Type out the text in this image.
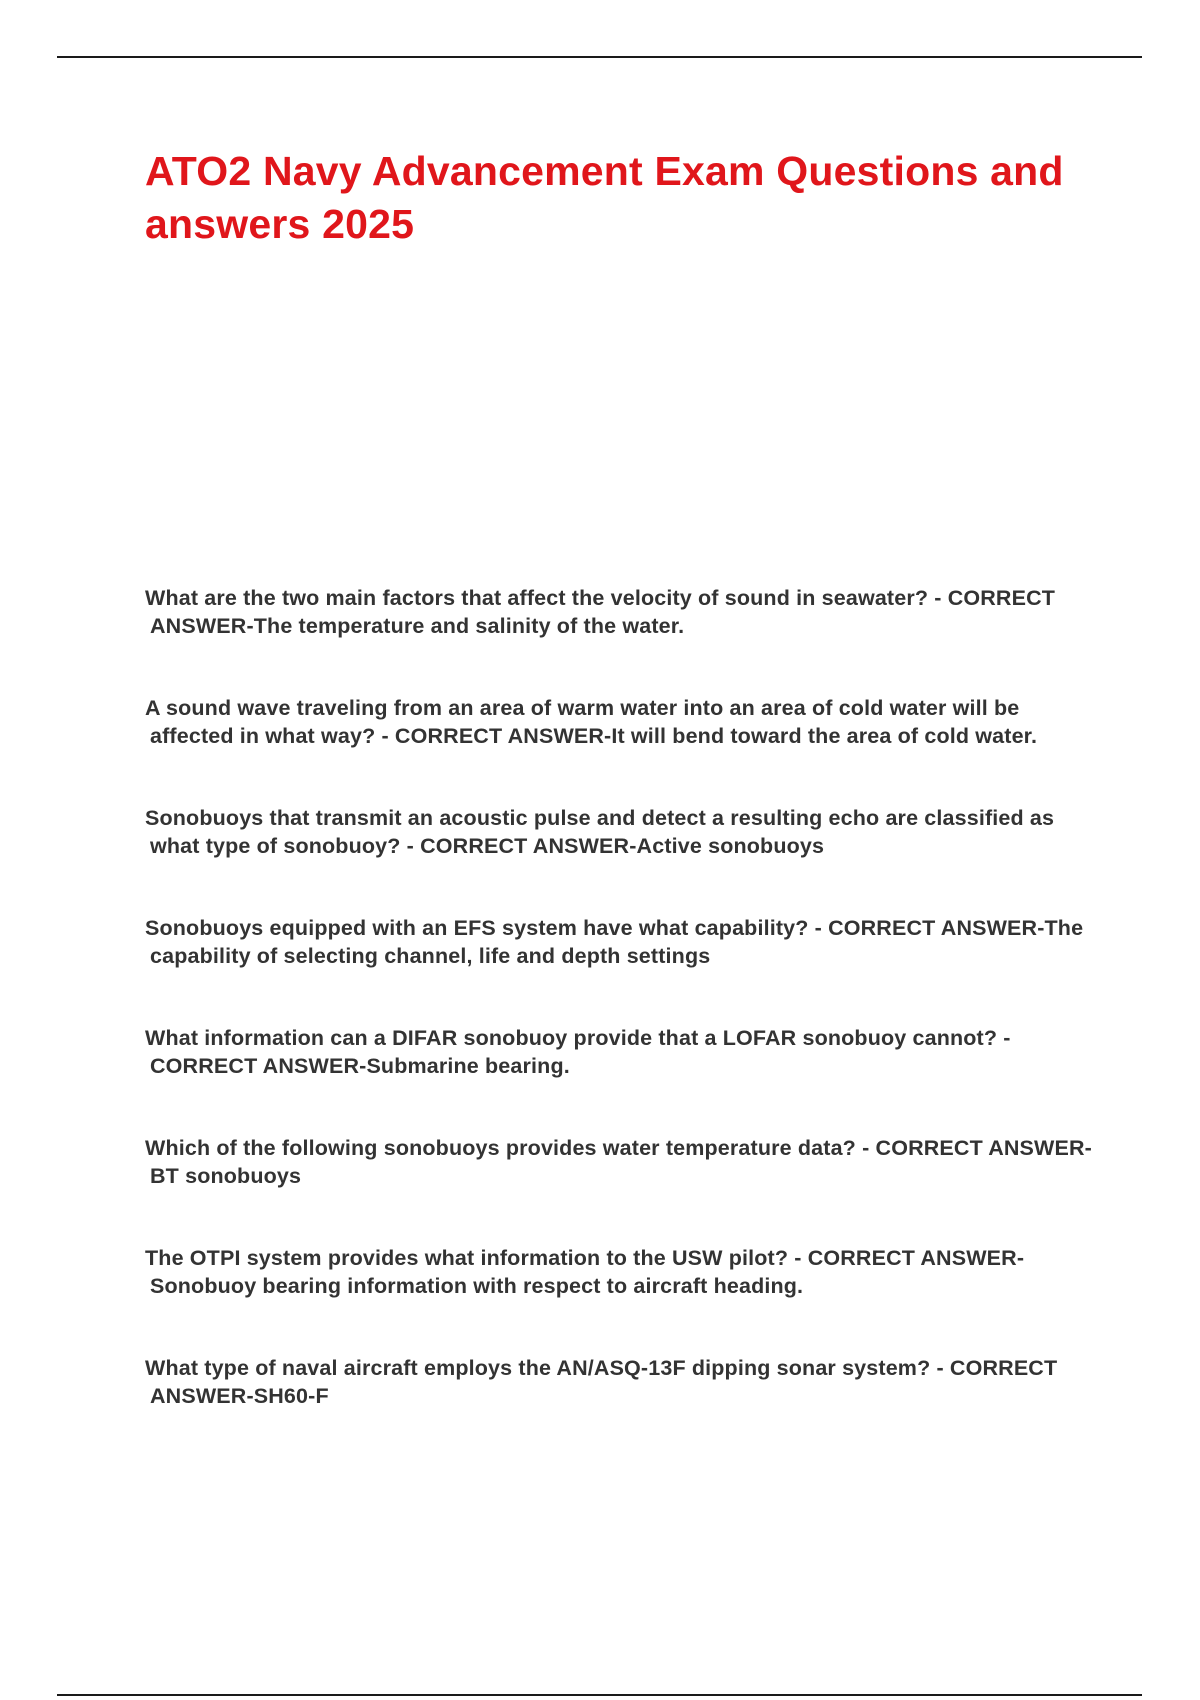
ATO2 Navy Advancement Exam Questions and answers 2025
What are the two main factors that affect the velocity of sound in seawater? - CORRECT ANSWER-The temperature and salinity of the water.
A sound wave traveling from an area of warm water into an area of cold water will be affected in what way? - CORRECT ANSWER-It will bend toward the area of cold water.
Sonobuoys that transmit an acoustic pulse and detect a resulting echo are classified as what type of sonobuoy? - CORRECT ANSWER-Active sonobuoys
Sonobuoys equipped with an EFS system have what capability? - CORRECT ANSWER-The capability of selecting channel, life and depth settings
What information can a DIFAR sonobuoy provide that a LOFAR sonobuoy cannot? - CORRECT ANSWER-Submarine bearing.
Which of the following sonobuoys provides water temperature data? - CORRECT ANSWER-BT sonobuoys
The OTPI system provides what information to the USW pilot? - CORRECT ANSWER-Sonobuoy bearing information with respect to aircraft heading.
What type of naval aircraft employs the AN/ASQ-13F dipping sonar system? - CORRECT ANSWER-SH60-F
